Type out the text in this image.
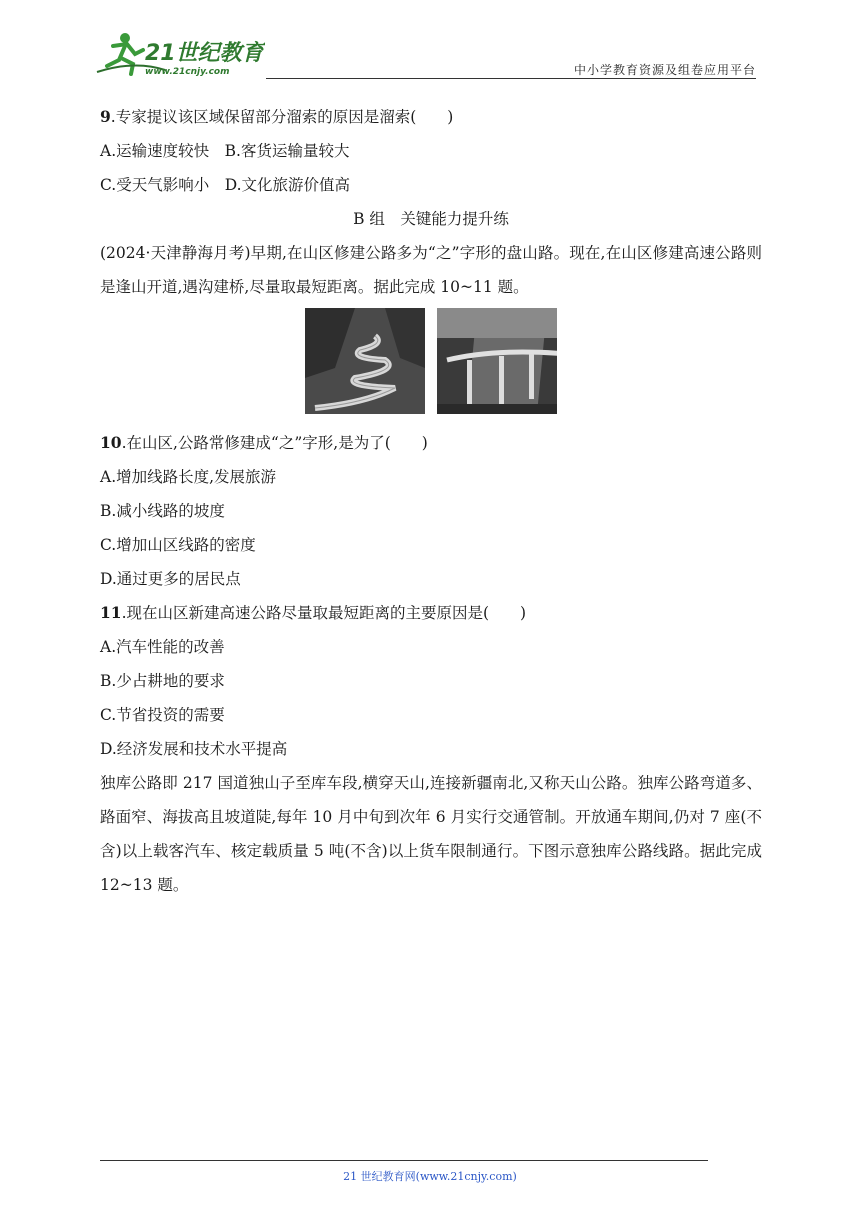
21世纪教育
www.21cnjy.com	中小学教育资源及组卷应用平台
9.专家提议该区域保留部分溜索的原因是溜索(　　)
A.运输速度较快　B.客货运输量较大
C.受天气影响小　D.文化旅游价值高
B 组　关键能力提升练
(2024·天津静海月考)早期,在山区修建公路多为“之”字形的盘山路。现在,在山区修建高速公路则是逢山开道,遇沟建桥,尽量取最短距离。据此完成 10~11 题。
10.在山区,公路常修建成“之”字形,是为了(　　)
A.增加线路长度,发展旅游
B.减小线路的坡度
C.增加山区线路的密度
D.通过更多的居民点
11.现在山区新建高速公路尽量取最短距离的主要原因是(　　)
A.汽车性能的改善
B.少占耕地的要求
C.节省投资的需要
D.经济发展和技术水平提高
独库公路即 217 国道独山子至库车段,横穿天山,连接新疆南北,又称天山公路。独库公路弯道多、路面窄、海拔高且坡道陡,每年 10 月中旬到次年 6 月实行交通管制。开放通车期间,仍对 7 座(不含)以上载客汽车、核定载质量 5 吨(不含)以上货车限制通行。下图示意独库公路线路。据此完成 12~13 题。
21 世纪教育网(www.21cnjy.com)
